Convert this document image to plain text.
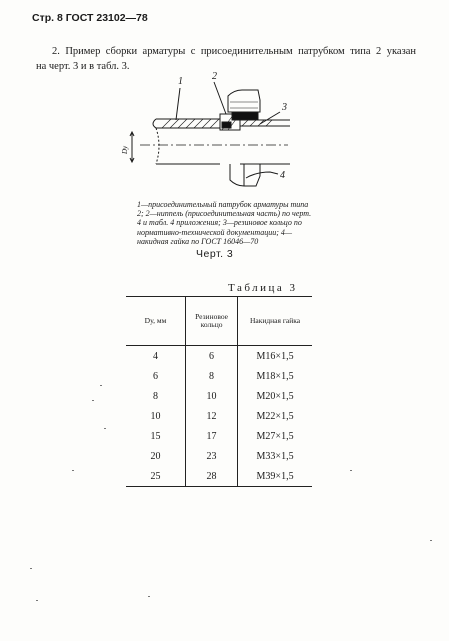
Стр. 8 ГОСТ 23102—78
2. Пример сборки арматуры с присоединительным патрубком типа 2 указан
на черт. 3 и в табл. 3.
1	2
3
4
Dy
1—присоединительный патрубок арматуры типа 2; 2—ниппель (присоединительная часть) по черт. 4 и табл. 4 приложения; 3—резиновое кольцо по нормативно-технической документации; 4—накидная гайка по ГОСТ 16046—70
Черт. 3
Таблица 3
Dу, мм	Резиновое кольцо	Накидная гайка
4	6	M16×1,5
6	8	M18×1,5
8	10	M20×1,5
10	12	M22×1,5
15	17	M27×1,5
20	23	M33×1,5
25	28	M39×1,5
